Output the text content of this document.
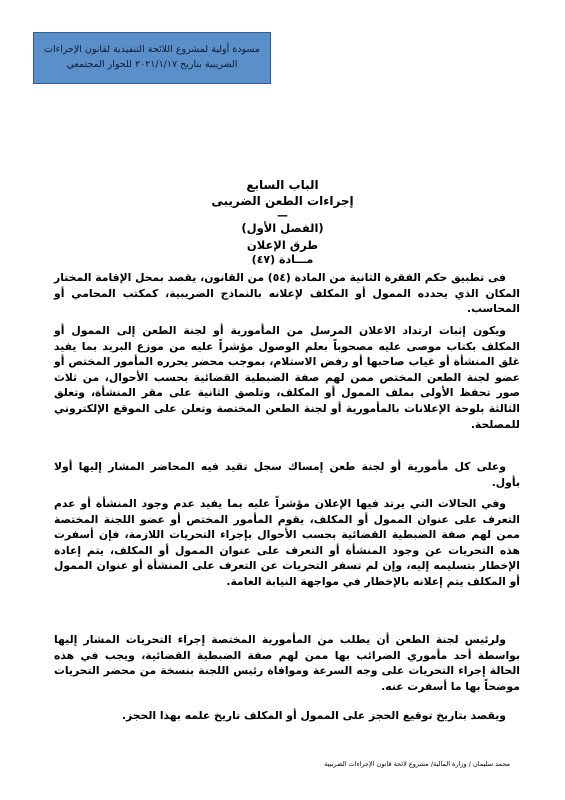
مسودة أولية لمشروع اللائحة التنفيذية لقانون الإجراءات
الضريبية بتاريخ ٢٠٢١/١/١٧ للحوار المجتمعي
الباب السابع
إجراءات الطعن الضريبى
—
(الفصل الأول)
طرق الإعلان
مـــادة (٤٧)

فى تطبيق حكم الفقرة الثانية من المادة (٥٤) من القانون، يقصد بمحل الإقامة المختار المكان الذي يحدده الممول أو المكلف لإعلانه بالنماذج الضريبية، كمكتب المحامي أو المحاسب.

ويكون إثبات ارتداد الاعلان المرسل من المأمورية أو لجنة الطعن إلى الممول أو المكلف بكتاب موصى عليه مصحوباً بعلم الوصول مؤشراً عليه من موزع البريد بما يفيد غلق المنشأة أو غياب صاحبها أو رفض الاستلام، بموجب محضر يحرره المأمور المختص أو عضو لجنة الطعن المختص ممن لهم صفة الضبطية القضائية بحسب الأحوال، من ثلاث صور تحفظ الأولى بملف الممول أو المكلف، وتلصق الثانية على مقر المنشأة، وتعلق الثالثة بلوحة الإعلانات بالمأمورية أو لجنة الطعن المختصة وتعلن على الموقع الإلكتروني للمصلحة.

وعلى كل مأمورية أو لجنة طعن إمساك سجل تقيد فيه المحاضر المشار إليها أولا بأول.

وفي الحالات التي يرتد فيها الإعلان مؤشراً عليه بما يفيد عدم وجود المنشأة أو عدم التعرف على عنوان الممول أو المكلف، يقوم المأمور المختص أو عضو اللجنة المختصة ممن لهم صفة الضبطية القضائية بحسب الأحوال بإجراء التحريات اللازمة، فإن أسفرت هذه التحريات عن وجود المنشأة أو التعرف على عنوان الممول أو المكلف، يتم إعادة الإخطار بتسليمه إليه، وإن لم تسفر التحريات عن التعرف على المنشأة أو عنوان الممول أو المكلف يتم إعلانه بالإخطار في مواجهة النيابة العامة.

ولرئيس لجنة الطعن أن يطلب من المأمورية المختصة إجراء التحريات المشار إليها بواسطة أحد مأموري الضرائب بها ممن لهم صفة الضبطية القضائية، ويجب في هذه الحالة إجراء التحريات على وجه السرعة وموافاة رئيس اللجنة بنسخة من محضر التحريات موضحاً بها ما أسفرت عنه.

ويقصد بتاريخ توقيع الحجز على الممول أو المكلف تاريخ علمه بهذا الحجز.

محمد سليمان / وزارة المالية/ مشروع لائحة قانون الإجراءات الضريبية
